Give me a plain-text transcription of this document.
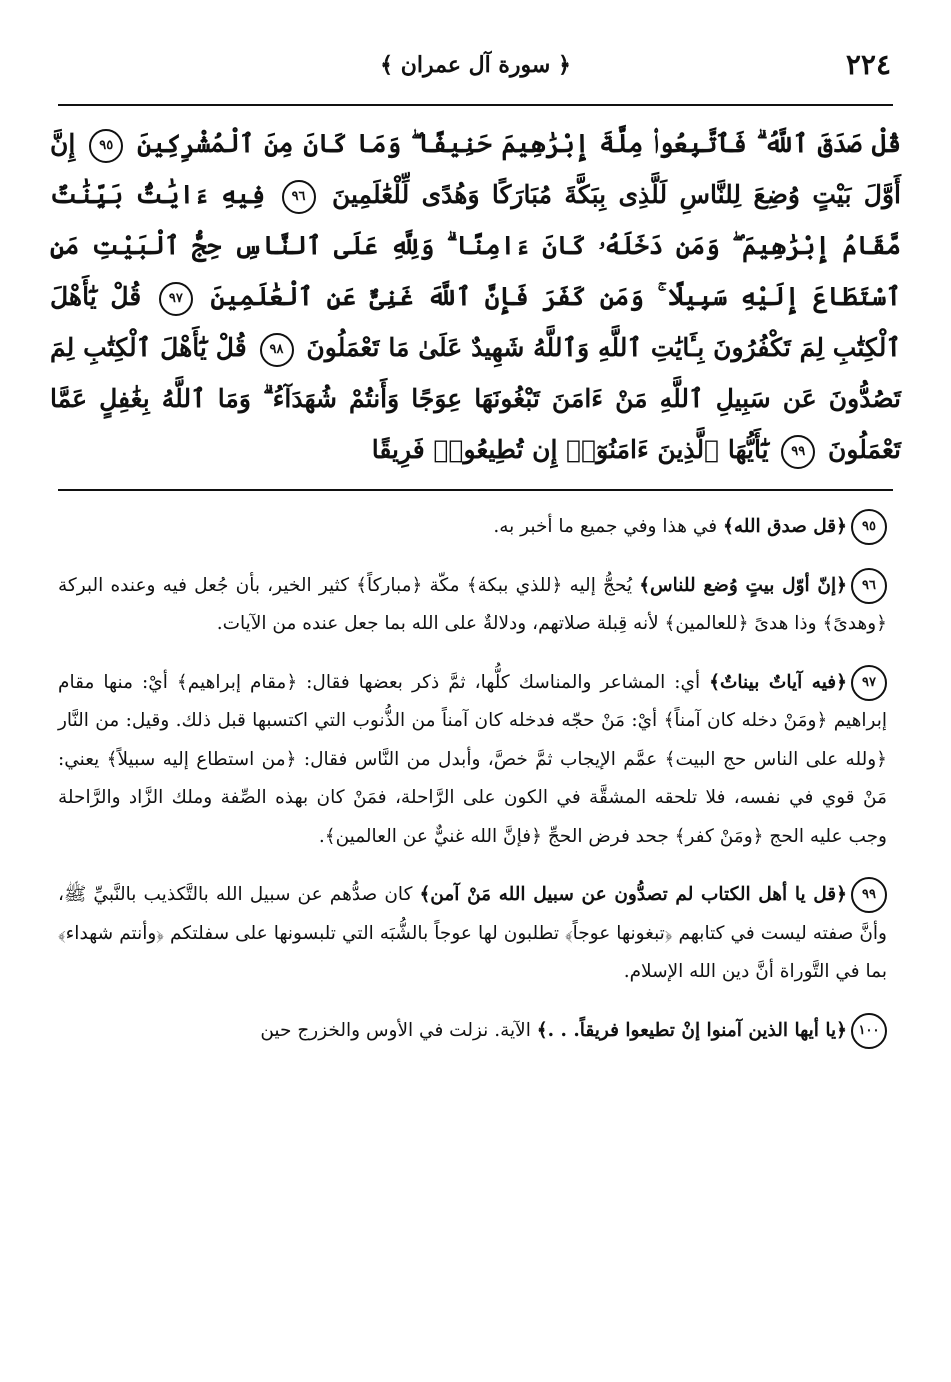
٢٢٤
﴿ سورة آل عمران ﴾
قُلْ صَدَقَ ٱللَّهُ ۗ فَٱتَّبِعُوا۟ مِلَّةَ إِبْرَٰهِيمَ حَنِيفًا ۖ وَمَا كَانَ مِنَ ٱلْمُشْرِكِينَ ٩٥ إِنَّ أَوَّلَ بَيْتٍ وُضِعَ لِلنَّاسِ لَلَّذِى بِبَكَّةَ مُبَارَكًا وَهُدًى لِّلْعَٰلَمِينَ ٩٦ فِيهِ ءَايَٰتٌۢ بَيِّنَٰتٌ مَّقَامُ إِبْرَٰهِيمَ ۖ وَمَن دَخَلَهُۥ كَانَ ءَامِنًا ۗ وَلِلَّهِ عَلَى ٱلنَّاسِ حِجُّ ٱلْبَيْتِ مَنِ ٱسْتَطَاعَ إِلَيْهِ سَبِيلًا ۚ وَمَن كَفَرَ فَإِنَّ ٱللَّهَ غَنِىٌّ عَنِ ٱلْعَٰلَمِينَ ٩٧ قُلْ يَٰٓأَهْلَ ٱلْكِتَٰبِ لِمَ تَكْفُرُونَ بِـَٔايَٰتِ ٱللَّهِ وَٱللَّهُ شَهِيدٌ عَلَىٰ مَا تَعْمَلُونَ ٩٨ قُلْ يَٰٓأَهْلَ ٱلْكِتَٰبِ لِمَ تَصُدُّونَ عَن سَبِيلِ ٱللَّهِ مَنْ ءَامَنَ تَبْغُونَهَا عِوَجًا وَأَنتُمْ شُهَدَآءُ ۗ وَمَا ٱللَّهُ بِغَٰفِلٍ عَمَّا تَعْمَلُونَ ٩٩ يَٰٓأَيُّهَا ٱلَّذِينَ ءَامَنُوٓا۟ إِن تُطِيعُوا۟ فَرِيقًا

٩٥﴿قل صدق الله﴾ في هذا وفي جميع ما أخبر به.

٩٦﴿إنّ أوّل بيتٍ وُضع للناس﴾ يُحجُّ إليه ﴿للذي ببكة﴾ مكّة ﴿مباركاً﴾ كثير الخير، بأن جُعل فيه وعنده البركة ﴿وهدىً﴾ وذا هدىً ﴿للعالمين﴾ لأنه قِبلة صلاتهم، ودلالةٌ على الله بما جعل عنده من الآيات.

٩٧﴿فيه آياتٌ بيناتٌ﴾ أي: المشاعر والمناسك كلُّها، ثمَّ ذكر بعضها فقال: ﴿مقام إبراهيم﴾ أيْ: منها مقام إبراهيم ﴿ومَنْ دخله كان آمناً﴾ أيْ: مَنْ حجّه فدخله كان آمناً من الذُّنوب التي اكتسبها قبل ذلك. وقيل: من النَّار ﴿ولله على الناس حج البيت﴾ عمَّم الإيجاب ثمَّ خصَّ، وأبدل من النَّاس فقال: ﴿من استطاع إليه سبيلاً﴾ يعني: مَنْ قوي في نفسه، فلا تلحقه المشقَّة في الكون على الرَّاحلة، فمَنْ كان بهذه الصِّفة وملك الزَّاد والرَّاحلة وجب عليه الحج ﴿ومَنْ كفر﴾ جحد فرض الحجِّ ﴿فإنَّ الله غنيٌّ عن العالمين﴾.

٩٩﴿قل يا أهل الكتاب لم تصدُّون عن سبيل الله مَنْ آمن﴾ كان صدُّهم عن سبيل الله بالتَّكذيب بالنَّبيِّ ﷺ، وأنَّ صفته ليست في كتابهم ﴿تبغونها عوجاً﴾ تطلبون لها عوجاً بالشُّبَه التي تلبسونها على سفلتكم ﴿وأنتم شهداء﴾ بما في التَّوراة أنَّ دين الله الإسلام.

١٠٠﴿يا أيها الذين آمنوا إنْ تطيعوا فريقاً. . .﴾ الآية. نزلت في الأوس والخزرج حين
